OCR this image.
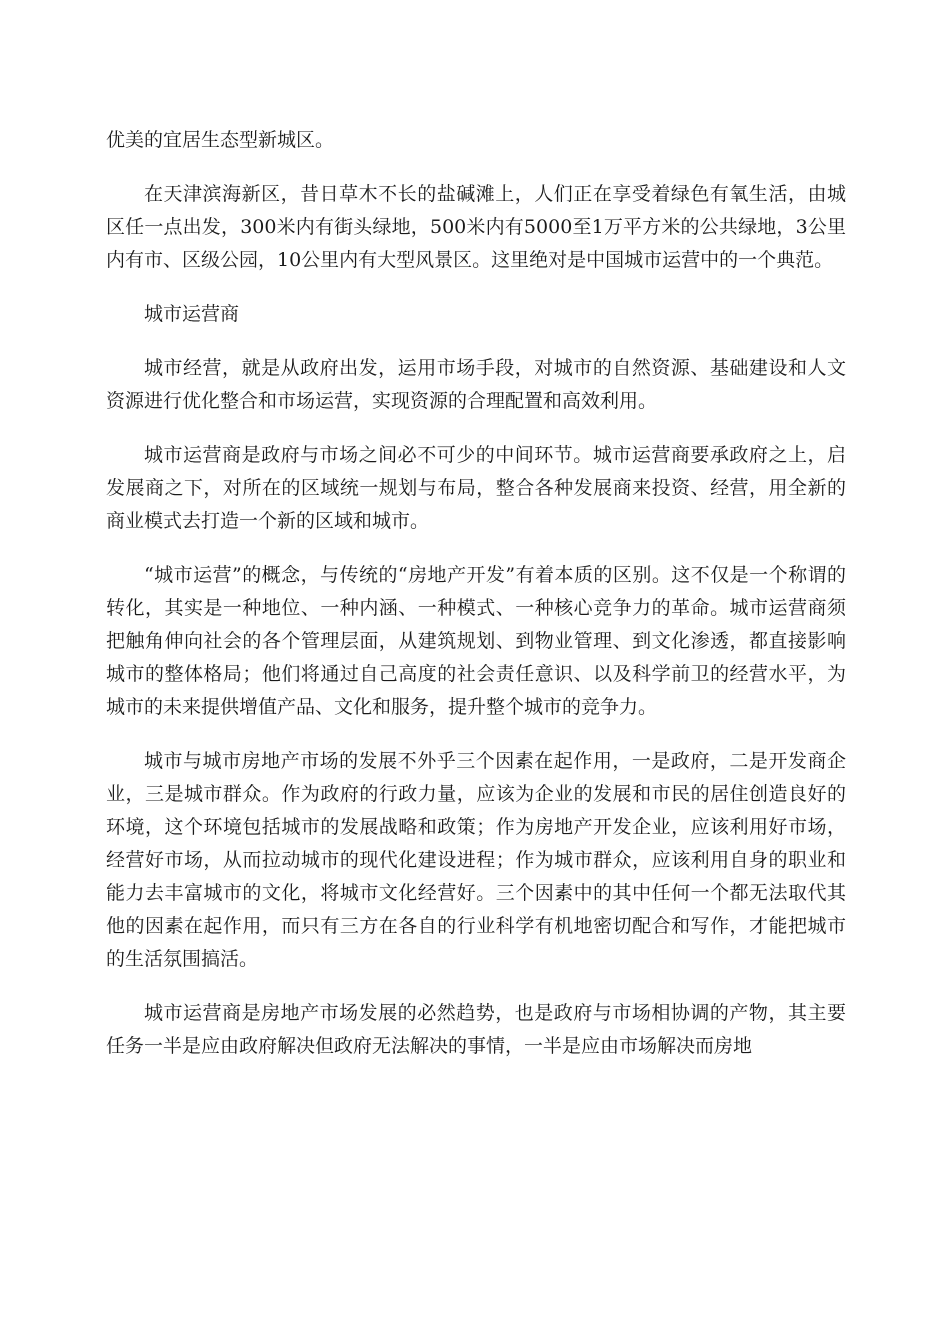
优美的宜居生态型新城区。

在天津滨海新区，昔日草木不长的盐碱滩上，人们正在享受着绿色有氧生活，由城区任一点出发，300米内有街头绿地，500米内有5000至1万平方米的公共绿地，3公里内有市、区级公园，10公里内有大型风景区。这里绝对是中国城市运营中的一个典范。

城市运营商

城市经营，就是从政府出发，运用市场手段，对城市的自然资源、基础建设和人文资源进行优化整合和市场运营，实现资源的合理配置和高效利用。

城市运营商是政府与市场之间必不可少的中间环节。城市运营商要承政府之上，启发展商之下，对所在的区域统一规划与布局，整合各种发展商来投资、经营，用全新的商业模式去打造一个新的区域和城市。

“城市运营”的概念，与传统的“房地产开发”有着本质的区别。这不仅是一个称谓的转化，其实是一种地位、一种内涵、一种模式、一种核心竞争力的革命。城市运营商须把触角伸向社会的各个管理层面，从建筑规划、到物业管理、到文化渗透，都直接影响城市的整体格局；他们将通过自己高度的社会责任意识、以及科学前卫的经营水平，为城市的未来提供增值产品、文化和服务，提升整个城市的竞争力。

城市与城市房地产市场的发展不外乎三个因素在起作用，一是政府，二是开发商企业，三是城市群众。作为政府的行政力量，应该为企业的发展和市民的居住创造良好的环境，这个环境包括城市的发展战略和政策；作为房地产开发企业，应该利用好市场，经营好市场，从而拉动城市的现代化建设进程；作为城市群众，应该利用自身的职业和能力去丰富城市的文化，将城市文化经营好。三个因素中的其中任何一个都无法取代其他的因素在起作用，而只有三方在各自的行业科学有机地密切配合和写作，才能把城市的生活氛围搞活。

城市运营商是房地产市场发展的必然趋势，也是政府与市场相协调的产物，其主要任务一半是应由政府解决但政府无法解决的事情，一半是应由市场解决而房地
